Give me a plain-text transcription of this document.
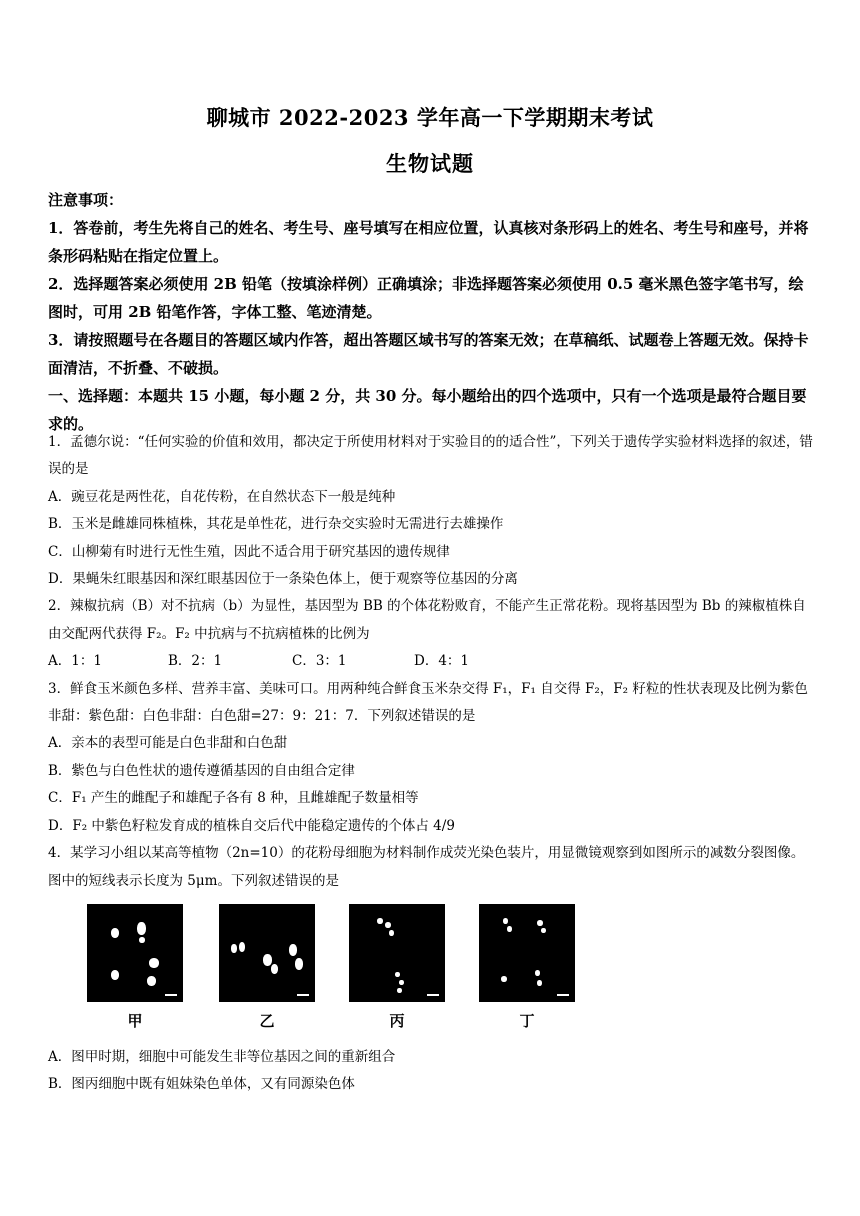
聊城市 2022-2023 学年高一下学期期末考试
生物试题

注意事项：

1．答卷前，考生先将自己的姓名、考生号、座号填写在相应位置，认真核对条形码上的姓名、考生号和座号，并将条形码粘贴在指定位置上。

2．选择题答案必须使用 2B 铅笔（按填涂样例）正确填涂；非选择题答案必须使用 0.5 毫米黑色签字笔书写，绘图时，可用 2B 铅笔作答，字体工整、笔迹清楚。

3．请按照题号在各题目的答题区域内作答，超出答题区域书写的答案无效；在草稿纸、试题卷上答题无效。保持卡面清洁，不折叠、不破损。

一、选择题：本题共 15 小题，每小题 2 分，共 30 分。每小题给出的四个选项中，只有一个选项是最符合题目要求的。

1．孟德尔说：“任何实验的价值和效用，都决定于所使用材料对于实验目的的适合性”，下列关于遗传学实验材料选择的叙述，错误的是

A．豌豆花是两性花，自花传粉，在自然状态下一般是纯种

B．玉米是雌雄同株植株，其花是单性花，进行杂交实验时无需进行去雄操作

C．山柳菊有时进行无性生殖，因此不适合用于研究基因的遗传规律

D．果蝇朱红眼基因和深红眼基因位于一条染色体上，便于观察等位基因的分离

2．辣椒抗病（B）对不抗病（b）为显性，基因型为 BB 的个体花粉败育，不能产生正常花粉。现将基因型为 Bb 的辣椒植株自由交配两代获得 F₂。F₂ 中抗病与不抗病植株的比例为

A．1：1	B．2：1	C．3：1	D．4：1

3．鲜食玉米颜色多样、营养丰富、美味可口。用两种纯合鲜食玉米杂交得 F₁，F₁ 自交得 F₂，F₂ 籽粒的性状表现及比例为紫色非甜：紫色甜：白色非甜：白色甜=27：9：21：7．下列叙述错误的是

A．亲本的表型可能是白色非甜和白色甜

B．紫色与白色性状的遗传遵循基因的自由组合定律

C．F₁ 产生的雌配子和雄配子各有 8 种，且雌雄配子数量相等

D．F₂ 中紫色籽粒发育成的植株自交后代中能稳定遗传的个体占 4/9

4．某学习小组以某高等植物（2n=10）的花粉母细胞为材料制作成荧光染色装片，用显微镜观察到如图所示的减数分裂图像。图中的短线表示长度为 5μm。下列叙述错误的是

甲	乙	丙	丁

A．图甲时期，细胞中可能发生非等位基因之间的重新组合

B．图丙细胞中既有姐妹染色单体，又有同源染色体
